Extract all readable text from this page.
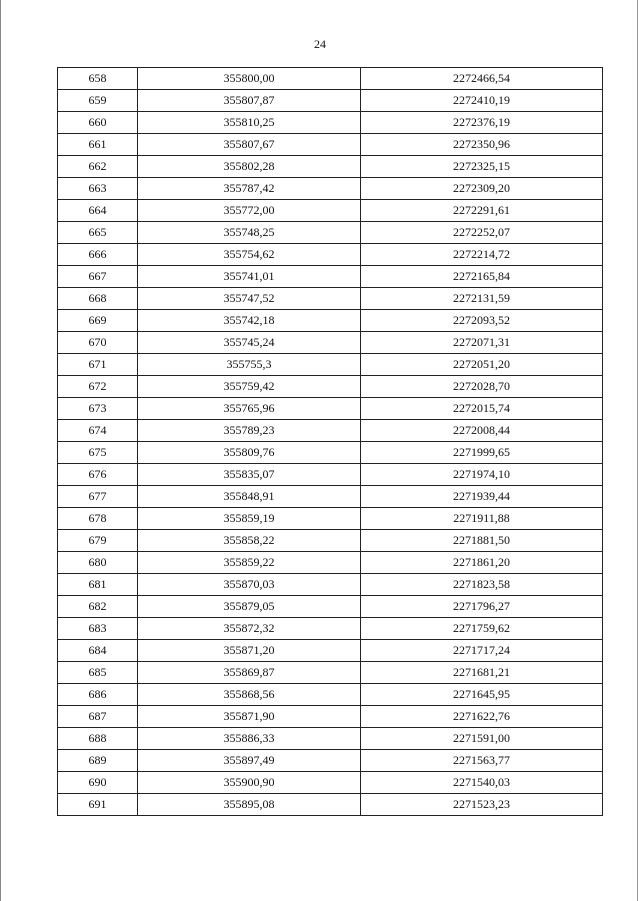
24
658	355800,00	2272466,54
659	355807,87	2272410,19
660	355810,25	2272376,19
661	355807,67	2272350,96
662	355802,28	2272325,15
663	355787,42	2272309,20
664	355772,00	2272291,61
665	355748,25	2272252,07
666	355754,62	2272214,72
667	355741,01	2272165,84
668	355747,52	2272131,59
669	355742,18	2272093,52
670	355745,24	2272071,31
671	355755,3	2272051,20
672	355759,42	2272028,70
673	355765,96	2272015,74
674	355789,23	2272008,44
675	355809,76	2271999,65
676	355835,07	2271974,10
677	355848,91	2271939,44
678	355859,19	2271911,88
679	355858,22	2271881,50
680	355859,22	2271861,20
681	355870,03	2271823,58
682	355879,05	2271796,27
683	355872,32	2271759,62
684	355871,20	2271717,24
685	355869,87	2271681,21
686	355868,56	2271645,95
687	355871,90	2271622,76
688	355886,33	2271591,00
689	355897,49	2271563,77
690	355900,90	2271540,03
691	355895,08	2271523,23
